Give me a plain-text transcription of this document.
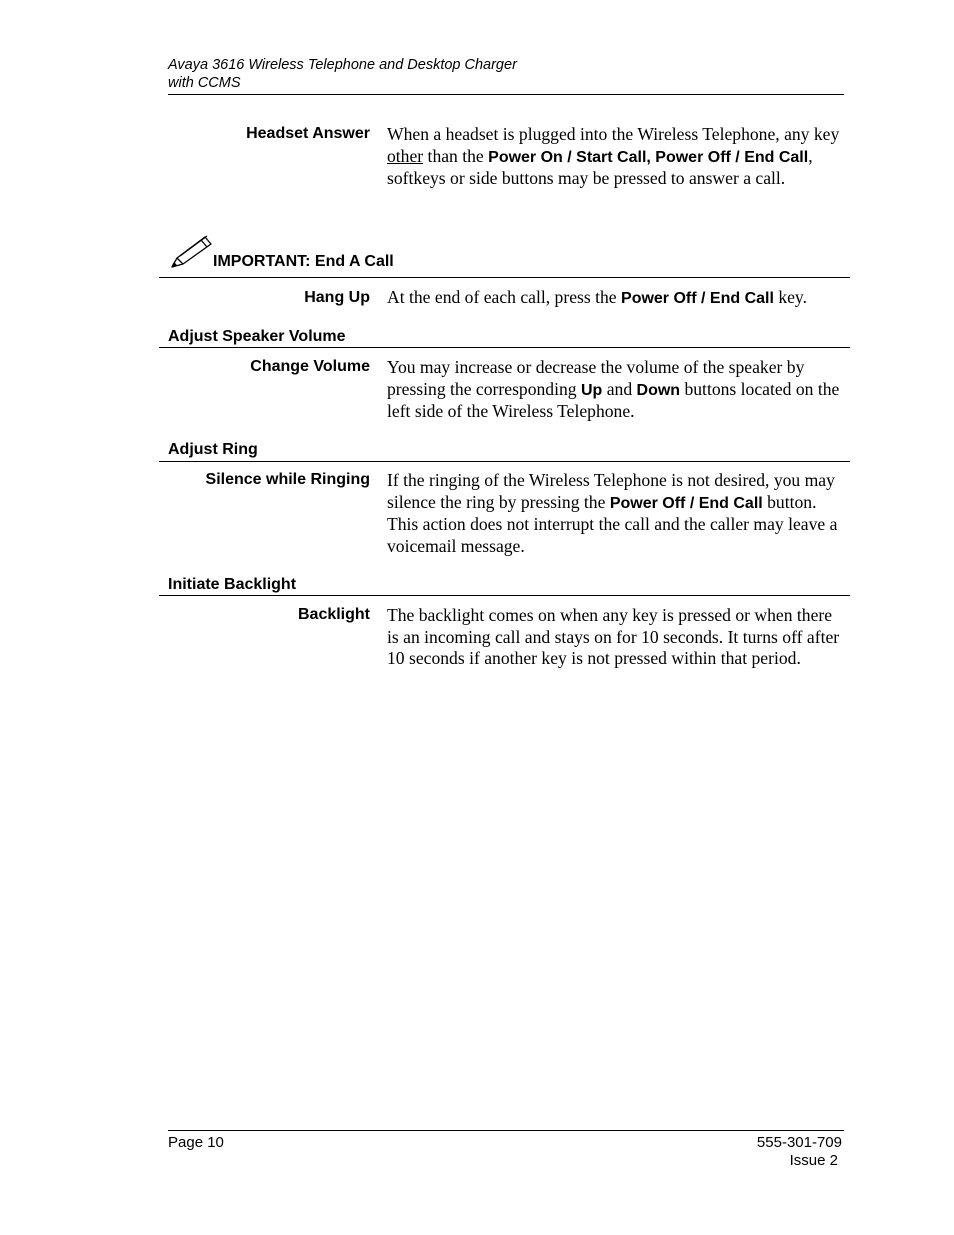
Avaya 3616 Wireless Telephone and Desktop Charger
with CCMS
Headset Answer When a headset is plugged into the Wireless Telephone, any key other than the Power On / Start Call, Power Off / End Call, softkeys or side buttons may be pressed to answer a call.
IMPORTANT: End A Call
Hang Up At the end of each call, press the Power Off / End Call key.
Adjust Speaker Volume
Change Volume You may increase or decrease the volume of the speaker by pressing the corresponding Up and Down buttons located on the left side of the Wireless Telephone.
Adjust Ring
Silence while Ringing If the ringing of the Wireless Telephone is not desired, you may silence the ring by pressing the Power Off / End Call button. This action does not interrupt the call and the caller may leave a voicemail message.
Initiate Backlight
Backlight The backlight comes on when any key is pressed or when there is an incoming call and stays on for 10 seconds. It turns off after 10 seconds if another key is not pressed within that period.
Page 10	555-301-709
Issue 2
